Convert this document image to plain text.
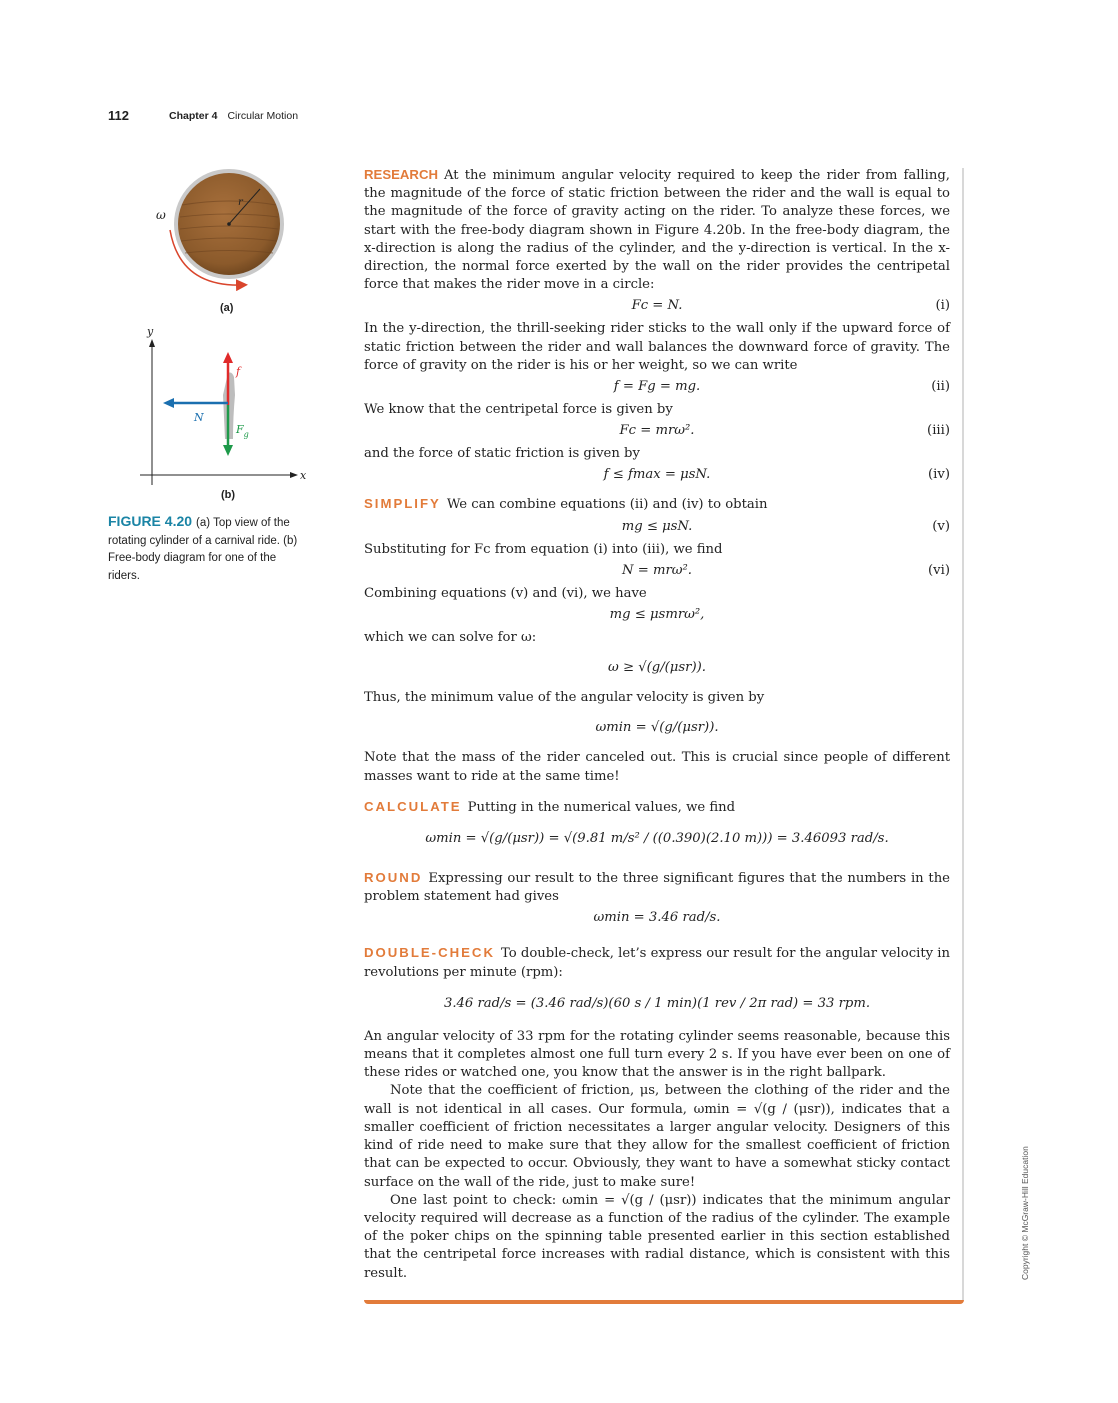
112	Chapter 4 Circular Motion
r
ω
(a)
y
x
f
N
$F_g$
(b)
FIGURE 4.20 (a) Top view of the rotating cylinder of a carnival ride. (b) Free-body diagram for one of the riders.
Copyright © McGraw-Hill Education

RESEARCH At the minimum angular velocity required to keep the rider from falling, the magnitude of the force of static friction between the rider and the wall is equal to the magnitude of the force of gravity acting on the rider. To analyze these forces, we start with the free-body diagram shown in Figure 4.20b. In the free-body diagram, the x-direction is along the radius of the cylinder, and the y-direction is vertical. In the x-direction, the normal force exerted by the wall on the rider provides the centripetal force that makes the rider move in a circle:

Fc = N.	(i)

In the y-direction, the thrill-seeking rider sticks to the wall only if the upward force of static friction between the rider and wall balances the downward force of gravity. The force of gravity on the rider is his or her weight, so we can write

f = Fg = mg.	(ii)

We know that the centripetal force is given by

Fc = mrω².	(iii)

and the force of static friction is given by

f ≤ fmax = μsN.	(iv)

SIMPLIFY We can combine equations (ii) and (iv) to obtain

mg ≤ μsN.	(v)

Substituting for Fc from equation (i) into (iii), we find

N = mrω².	(vi)

Combining equations (v) and (vi), we have

mg ≤ μsmrω²,

which we can solve for ω:

ω ≥ √(g/(μsr)).

Thus, the minimum value of the angular velocity is given by

ωmin = √(g/(μsr)).

Note that the mass of the rider canceled out. This is crucial since people of different masses want to ride at the same time!

CALCULATE Putting in the numerical values, we find

ωmin = √(g/(μsr)) = √(9.81 m/s² / ((0.390)(2.10 m))) = 3.46093 rad/s.

ROUND Expressing our result to the three significant figures that the numbers in the problem statement had gives

ωmin = 3.46 rad/s.

DOUBLE-CHECK To double-check, let’s express our result for the angular velocity in revolutions per minute (rpm):

3.46 rad/s = (3.46 rad/s)(60 s / 1 min)(1 rev / 2π rad) = 33 rpm.

An angular velocity of 33 rpm for the rotating cylinder seems reasonable, because this means that it completes almost one full turn every 2 s. If you have ever been on one of these rides or watched one, you know that the answer is in the right ballpark.

Note that the coefficient of friction, μs, between the clothing of the rider and the wall is not identical in all cases. Our formula, ωmin = √(g / (μsr)), indicates that a smaller coefficient of friction necessitates a larger angular velocity. Designers of this kind of ride need to make sure that they allow for the smallest coefficient of friction that can be expected to occur. Obviously, they want to have a somewhat sticky contact surface on the wall of the ride, just to make sure!

One last point to check: ωmin = √(g / (μsr)) indicates that the minimum angular velocity required will decrease as a function of the radius of the cylinder. The example of the poker chips on the spinning table presented earlier in this section established that the centripetal force increases with radial distance, which is consistent with this result.
